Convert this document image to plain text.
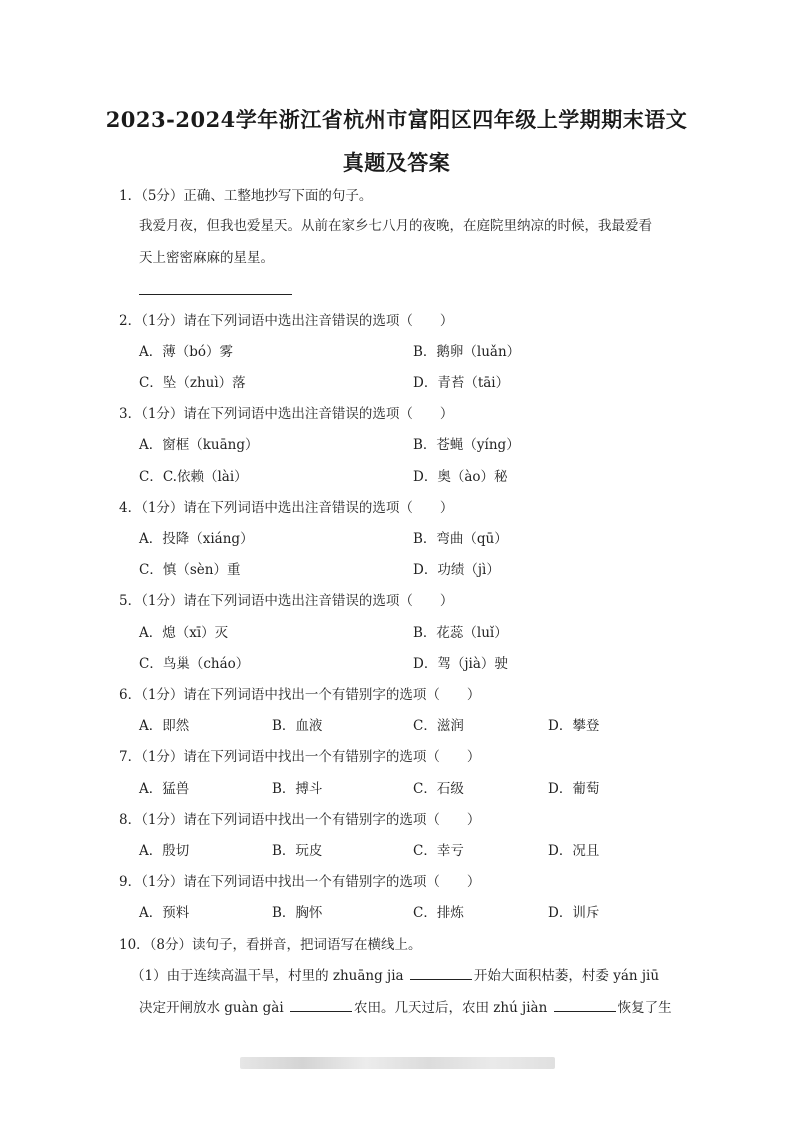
2023-2024学年浙江省杭州市富阳区四年级上学期期末语文
真题及答案
1．（5分）正确、工整地抄写下面的句子。
我爱月夜，但我也爱星天。从前在家乡七八月的夜晚，在庭院里纳凉的时候，我最爱看
天上密密麻麻的星星。
2．（1分）请在下列词语中选出注音错误的选项（　　）
A．薄（bó）雾	B．鹅卵（luǎn）
C．坠（zhuì）落	D．青苔（tāi）
3．（1分）请在下列词语中选出注音错误的选项（　　）
A．窗框（kuāng）	B．苍蝇（yíng）
C．C.依赖（lài）	D．奥（ào）秘
4．（1分）请在下列词语中选出注音错误的选项（　　）
A．投降（xiáng）	B．弯曲（qū）
C．慎（sèn）重	D．功绩（jì）
5．（1分）请在下列词语中选出注音错误的选项（　　）
A．熄（xī）灭	B．花蕊（luǐ）
C．鸟巢（cháo）	D．驾（jià）驶
6．（1分）请在下列词语中找出一个有错别字的选项（　　）
A．即然	B．血液	C．滋润	D．攀登
7．（1分）请在下列词语中找出一个有错别字的选项（　　）
A．猛兽	B．搏斗	C．石级	D．葡萄
8．（1分）请在下列词语中找出一个有错别字的选项（　　）
A．殷切	B．玩皮	C．幸亏	D．况且
9．（1分）请在下列词语中找出一个有错别字的选项（　　）
A．预料	B．胸怀	C．排炼	D．训斥
10．（8分）读句子，看拼音，把词语写在横线上。
（1）由于连续高温干旱，村里的 zhuāng jia	开始大面积枯萎，村委 yán jiū
决定开闸放水 guàn gài	农田。几天过后，农田 zhú jiàn	恢复了生
